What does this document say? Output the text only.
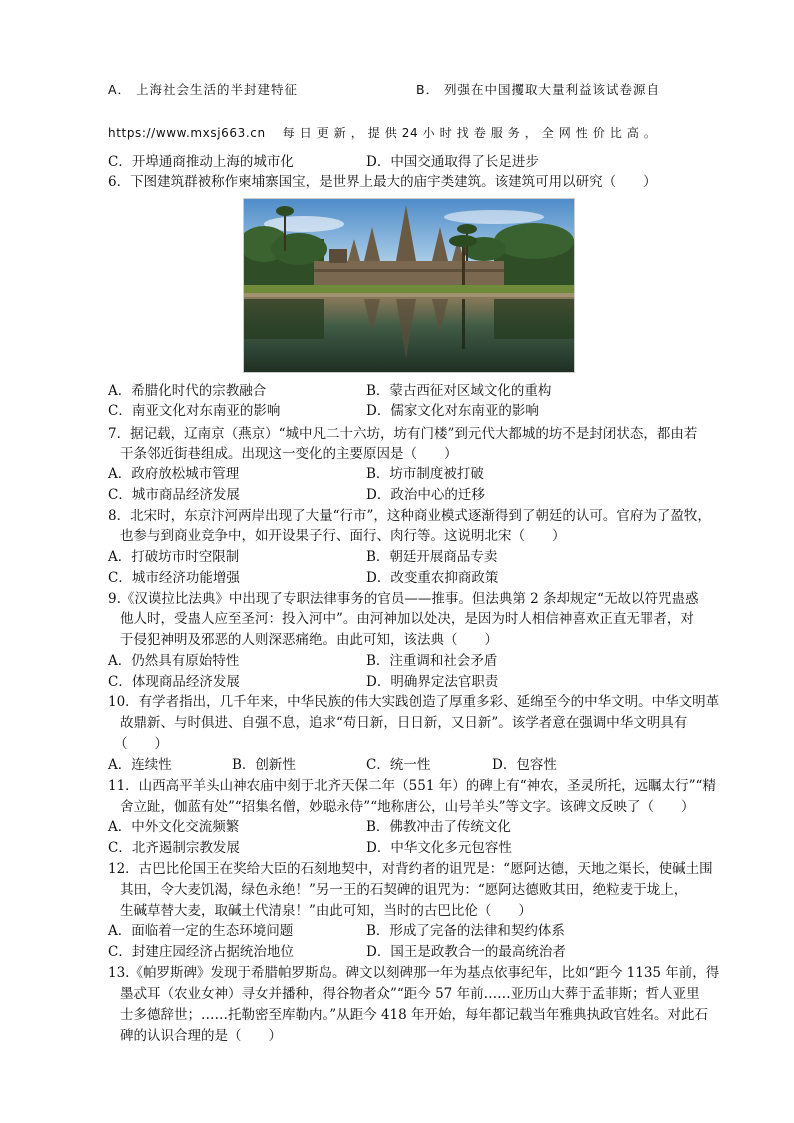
A． 上海社会生活的半封建特征	B． 列强在中国攫取大量利益该试卷源自
https://www.mxsj663.cn　 每 日 更 新 ， 提 供 24 小 时 找 卷 服 务 ， 全 网 性 价 比 高 。
C．开埠通商推动上海的城市化	D．中国交通取得了长足进步
6．下图建筑群被称作柬埔寨国宝，是世界上最大的庙宇类建筑。该建筑可用以研究（　　）
A．希腊化时代的宗教融合	B．蒙古西征对区域文化的重构
C．南亚文化对东南亚的影响	D．儒家文化对东南亚的影响
7．据记载，辽南京（燕京）“城中凡二十六坊，坊有门楼”到元代大都城的坊不是封闭状态，都由若
干条邻近街巷组成。出现这一变化的主要原因是（　　）
A．政府放松城市管理	B．坊市制度被打破
C．城市商品经济发展	D．政治中心的迁移
8．北宋时，东京汴河两岸出现了大量“行市”，这种商业模式逐渐得到了朝廷的认可。官府为了盈牧，
也参与到商业竞争中，如开设果子行、面行、肉行等。这说明北宋（　　）
A．打破坊市时空限制	B．朝廷开展商品专卖
C．城市经济功能增强	D．改变重农抑商政策
9.《汉谟拉比法典》中出现了专职法律事务的官员——推事。但法典第 2 条却规定“无故以符咒蛊惑
他人时，受蛊人应至圣河：投入河中”。由河神加以处决，是因为时人相信神喜欢正直无罪者，对
于侵犯神明及邪恶的人则深恶痛绝。由此可知，该法典（　　）
A．仍然具有原始特性	B．注重调和社会矛盾
C．体现商品经济发展	D．明确界定法官职责
10．有学者指出，几千年来，中华民族的伟大实践创造了厚重多彩、延绵至今的中华文明。中华文明革
故鼎新、与时俱进、自强不息，追求“苟日新，日日新，又日新”。该学者意在强调中华文明具有
（　　）
A．连续性	B．创新性	C．统一性	D．包容性
11．山西高平羊头山神农庙中刻于北齐天保二年（551 年）的碑上有“神农，圣灵所托，远瞩太行”“精
舍立趾，伽蓝有处”“招集名僧，妙聪永侍”“地称唐公，山号羊头”等文字。该碑文反映了（　　）
A．中外文化交流频繁	B．佛教冲击了传统文化
C．北齐遏制宗教发展	D．中华文化多元包容性
12．古巴比伦国王在奖给大臣的石刻地契中，对背约者的诅咒是：“愿阿达德，天地之渠长，使碱土围
其田，令大麦饥渴，绿色永绝！”另一王的石契碑的诅咒为：“愿阿达德败其田，绝粒麦于垅上，
生碱草替大麦，取碱土代清泉！”由此可知，当时的古巴比伦（　　）
A．面临着一定的生态环境问题	B．形成了完备的法律和契约体系
C．封建庄园经济占据统治地位	D．国王是政教合一的最高统治者
13.《帕罗斯碑》发现于希腊帕罗斯岛。碑文以刻碑那一年为基点依事纪年，比如“距今 1135 年前，得
墨忒耳（农业女神）寻女并播种，得谷物者众”“距今 57 年前……亚历山大葬于孟菲斯；哲人亚里
士多德辞世；……托勒密至库勒内。”从距今 418 年开始，每年都记载当年雅典执政官姓名。对此石
碑的认识合理的是（　　）
